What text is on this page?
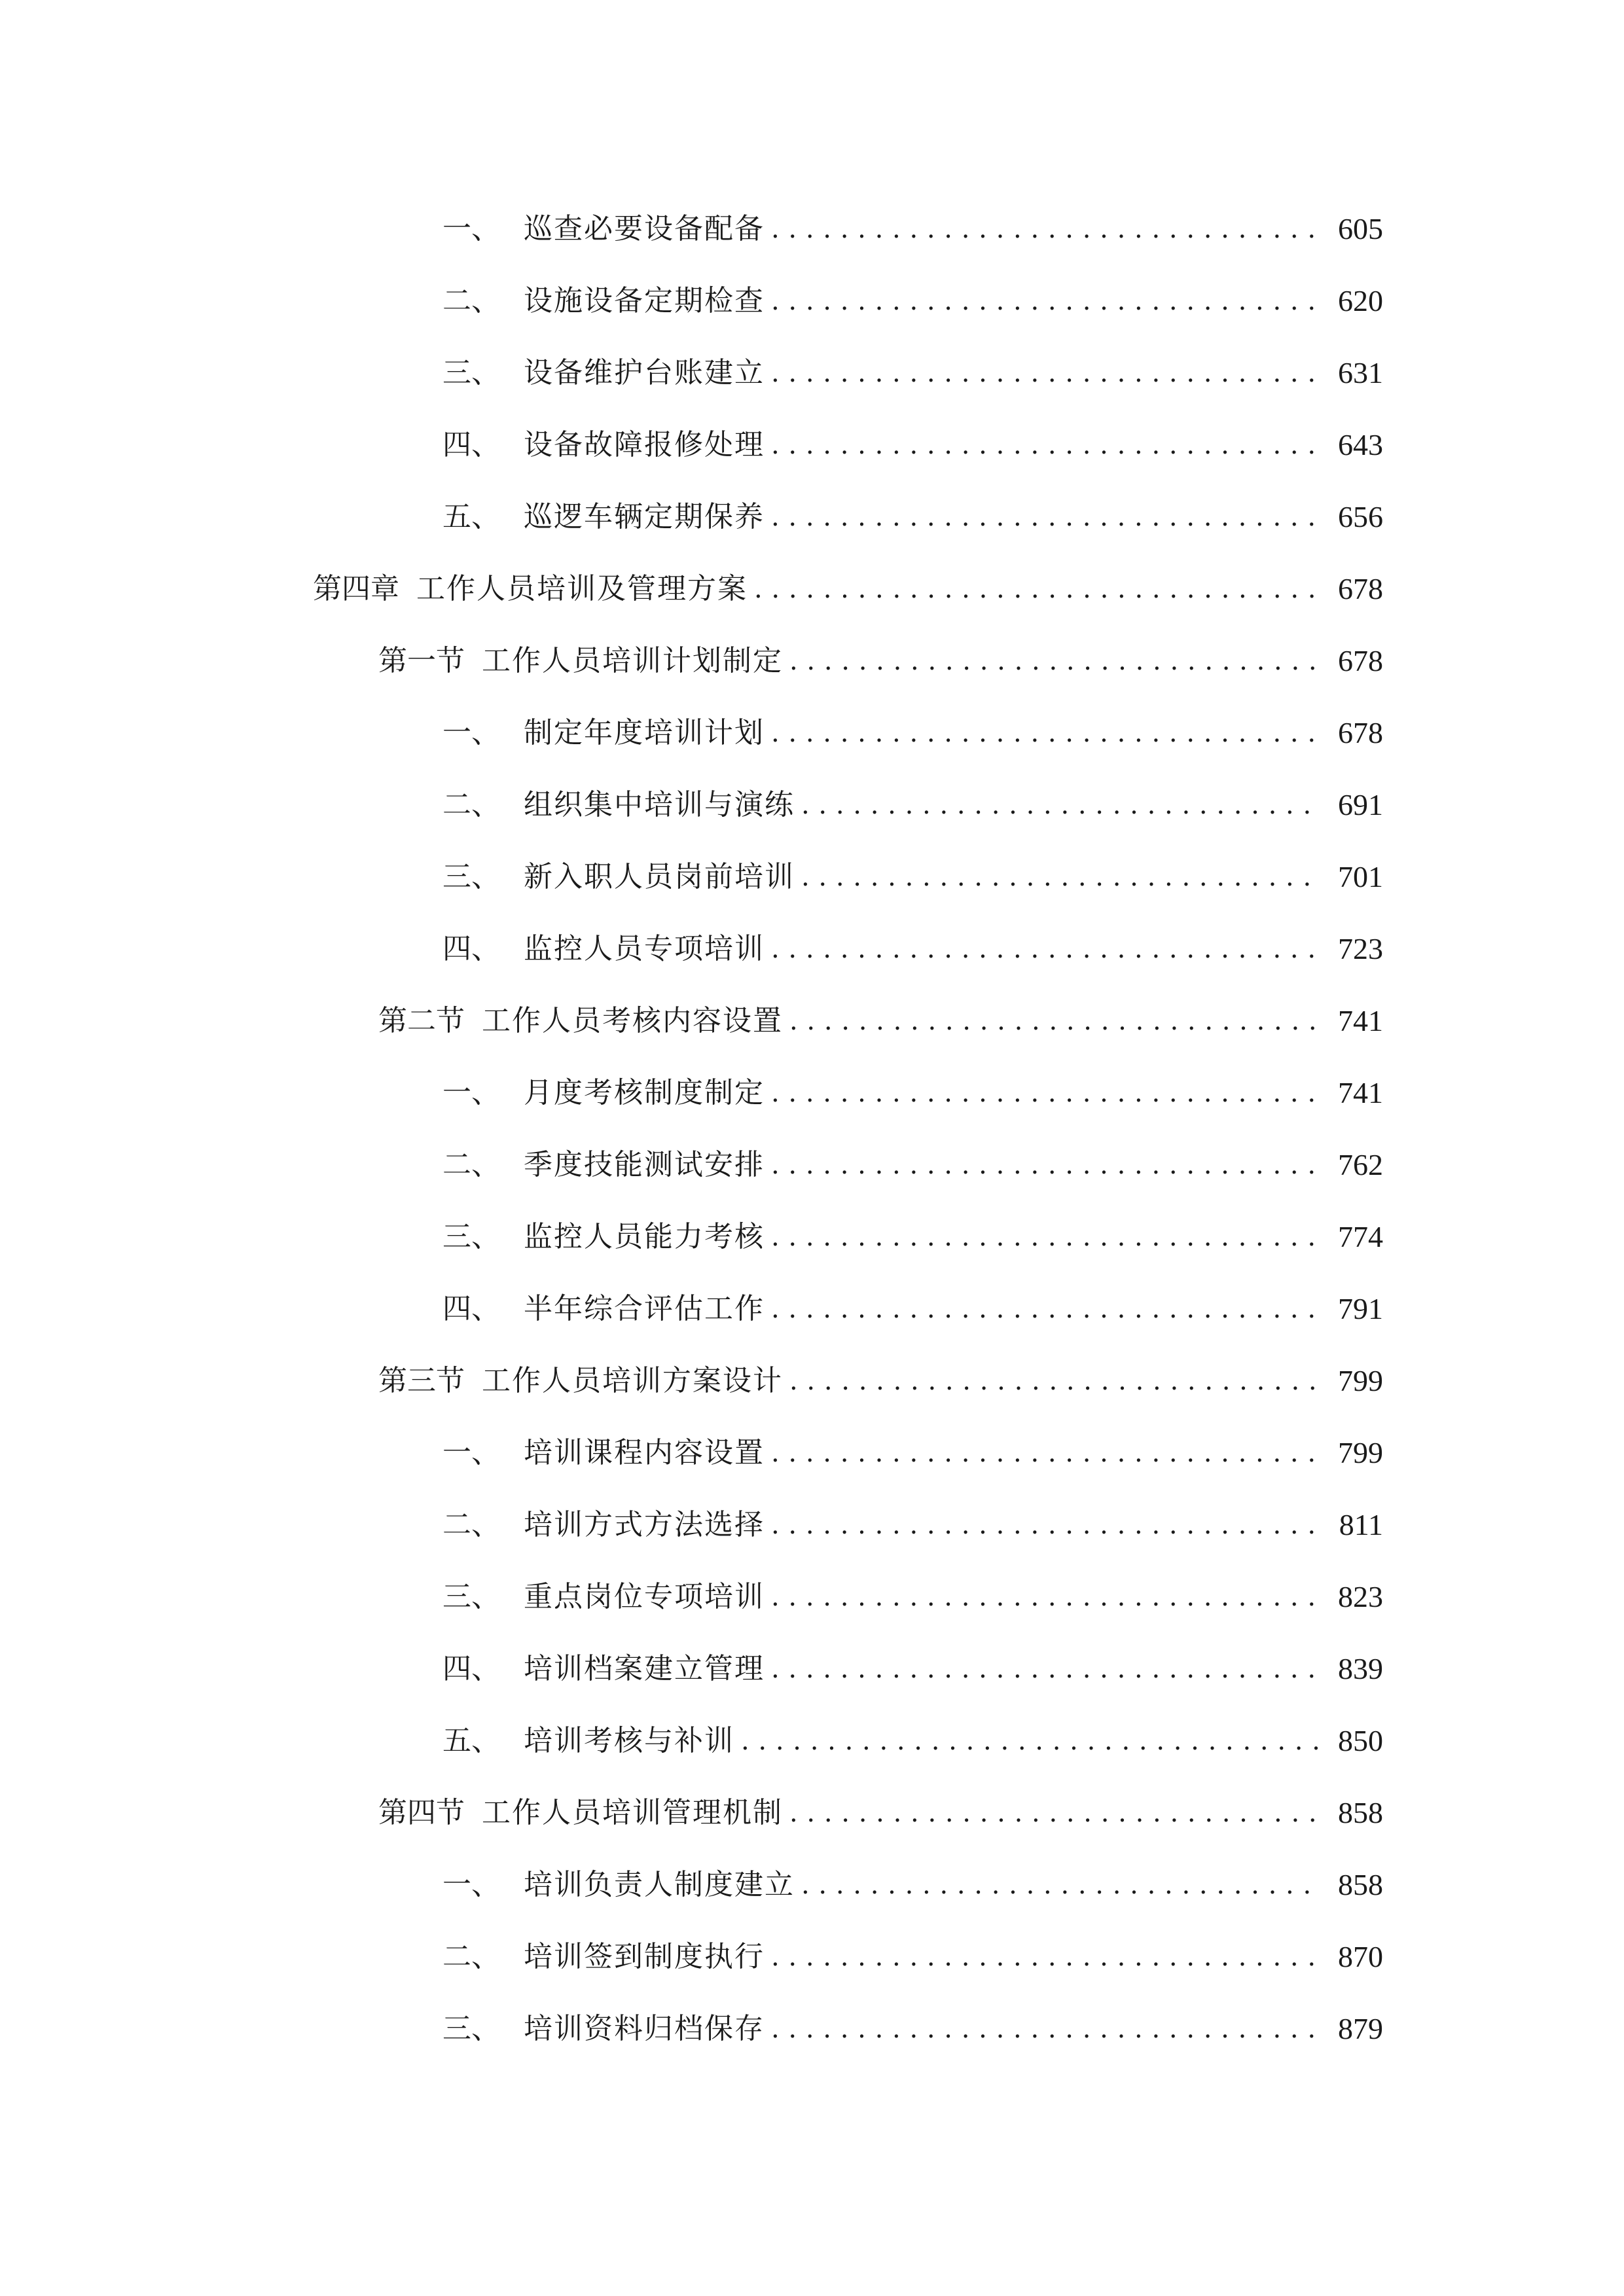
一、 巡查必要设备配备 . . .	605
二、 设施设备定期检查 . . .	620
三、 设备维护台账建立 . . .	631
四、 设备故障报修处理 . . .	643
五、 巡逻车辆定期保养 . . .	656
第四章 工作人员培训及管理方案 . . .	678
第一节 工作人员培训计划制定 . . .	678
一、 制定年度培训计划 . . .	678
二、 组织集中培训与演练 . . .	691
三、 新入职人员岗前培训 . . .	701
四、 监控人员专项培训 . . .	723
第二节 工作人员考核内容设置 . . .	741
一、 月度考核制度制定 . . .	741
二、 季度技能测试安排 . . .	762
三、 监控人员能力考核 . . .	774
四、 半年综合评估工作 . . .	791
第三节 工作人员培训方案设计 . . .	799
一、 培训课程内容设置 . . .	799
二、 培训方式方法选择 . . .	811
三、 重点岗位专项培训 . . .	823
四、 培训档案建立管理 . . .	839
五、 培训考核与补训 . . .	850
第四节 工作人员培训管理机制 . . .	858
一、 培训负责人制度建立 . . .	858
二、 培训签到制度执行 . . .	870
三、 培训资料归档保存 . . .	879
